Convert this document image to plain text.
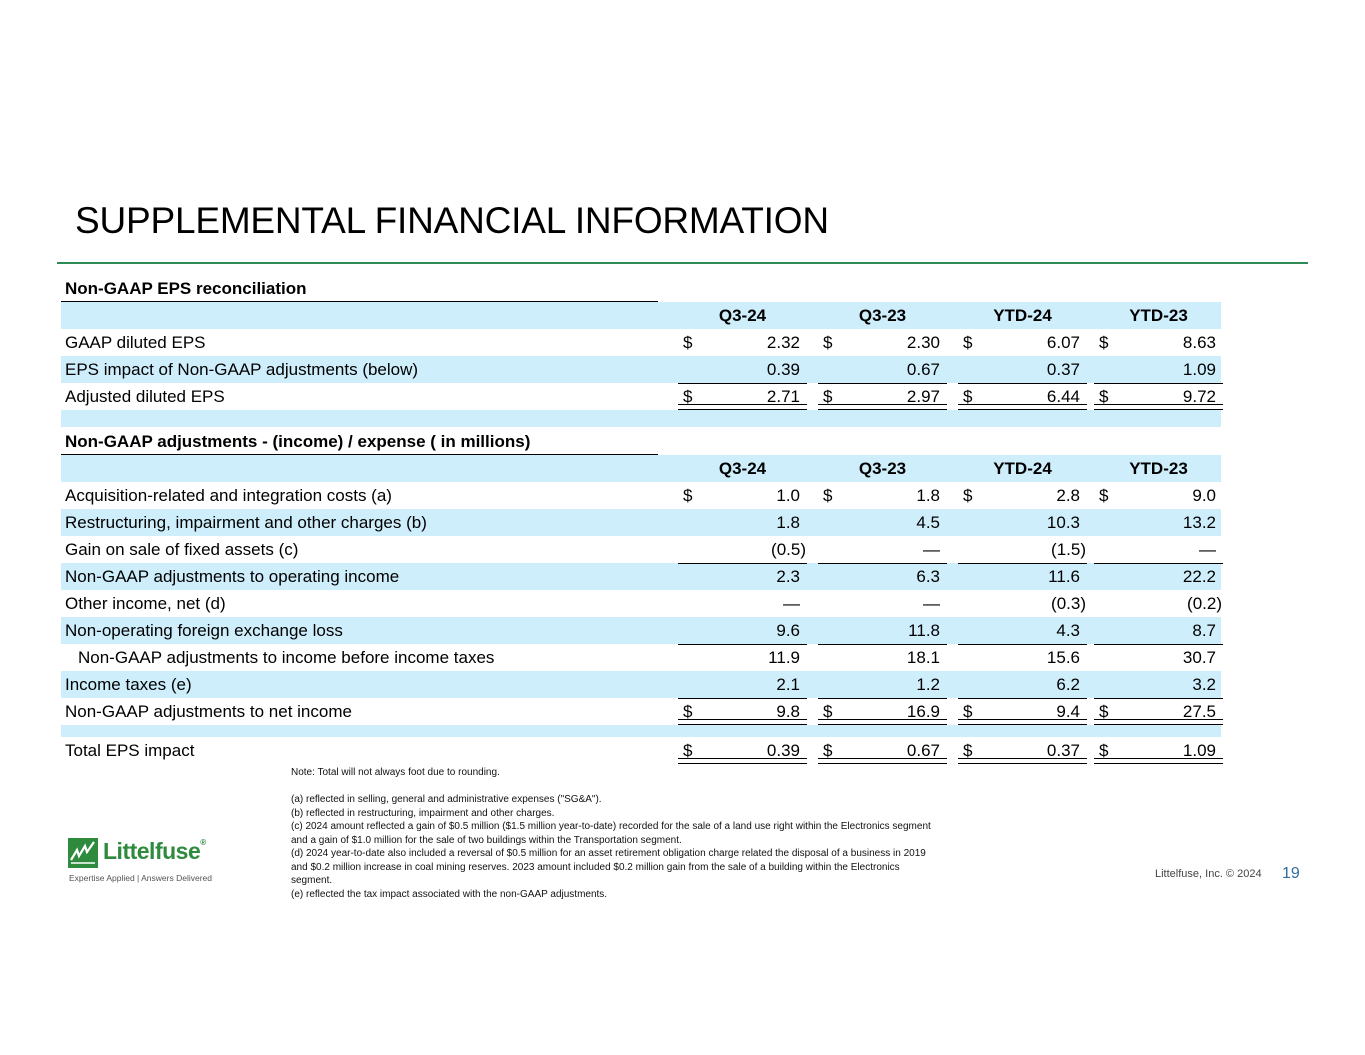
SUPPLEMENTAL FINANCIAL INFORMATION
Non-GAAP EPS reconciliation
Q3-24	Q3-23	YTD-24	YTD-23
GAAP diluted EPS	$	2.32 $	2.30 $	6.07 $	8.63
EPS impact of Non-GAAP adjustments (below)	0.39	0.67	0.37	1.09
Adjusted diluted EPS	$	2.71 $	2.97 $	6.44 $	9.72
Non-GAAP adjustments - (income) / expense ( in millions)
Q3-24	Q3-23	YTD-24	YTD-23
Acquisition-related and integration costs (a)	$	1.0 $	1.8 $	2.8 $	9.0
Restructuring, impairment and other charges (b)	1.8	4.5	10.3	13.2
Gain on sale of fixed assets (c)	(0.5)	—	(1.5)	—
Non-GAAP adjustments to operating income	2.3	6.3	11.6	22.2
Other income, net (d)	—	—	(0.3)	(0.2)
Non-operating foreign exchange loss	9.6	11.8	4.3	8.7
Non-GAAP adjustments to income before income taxes	11.9	18.1	15.6	30.7
Income taxes (e)	2.1	1.2	6.2	3.2
Non-GAAP adjustments to net income	$	9.8 $	16.9 $	9.4 $	27.5
Total EPS impact	$	0.39 $	0.67 $	0.37 $	1.09

Note: Total will not always foot due to rounding.

(a) reflected in selling, general and administrative expenses ("SG&A").

(b) reflected in restructuring, impairment and other charges.

(c) 2024 amount reflected a gain of $0.5 million ($1.5 million year-to-date) recorded for the sale of a land use right within the Electronics segment

and a gain of $1.0 million for the sale of two buildings within the Transportation segment.

(d) 2024 year-to-date also included a reversal of $0.5 million for an asset retirement obligation charge related the disposal of a business in 2019

and $0.2 million increase in coal mining reserves. 2023 amount included $0.2 million gain from the sale of a building within the Electronics

segment.

(e) reflected the tax impact associated with the non-GAAP adjustments.

Littelfuse®
Expertise Applied | Answers Delivered	Littelfuse, Inc. © 2024 19
